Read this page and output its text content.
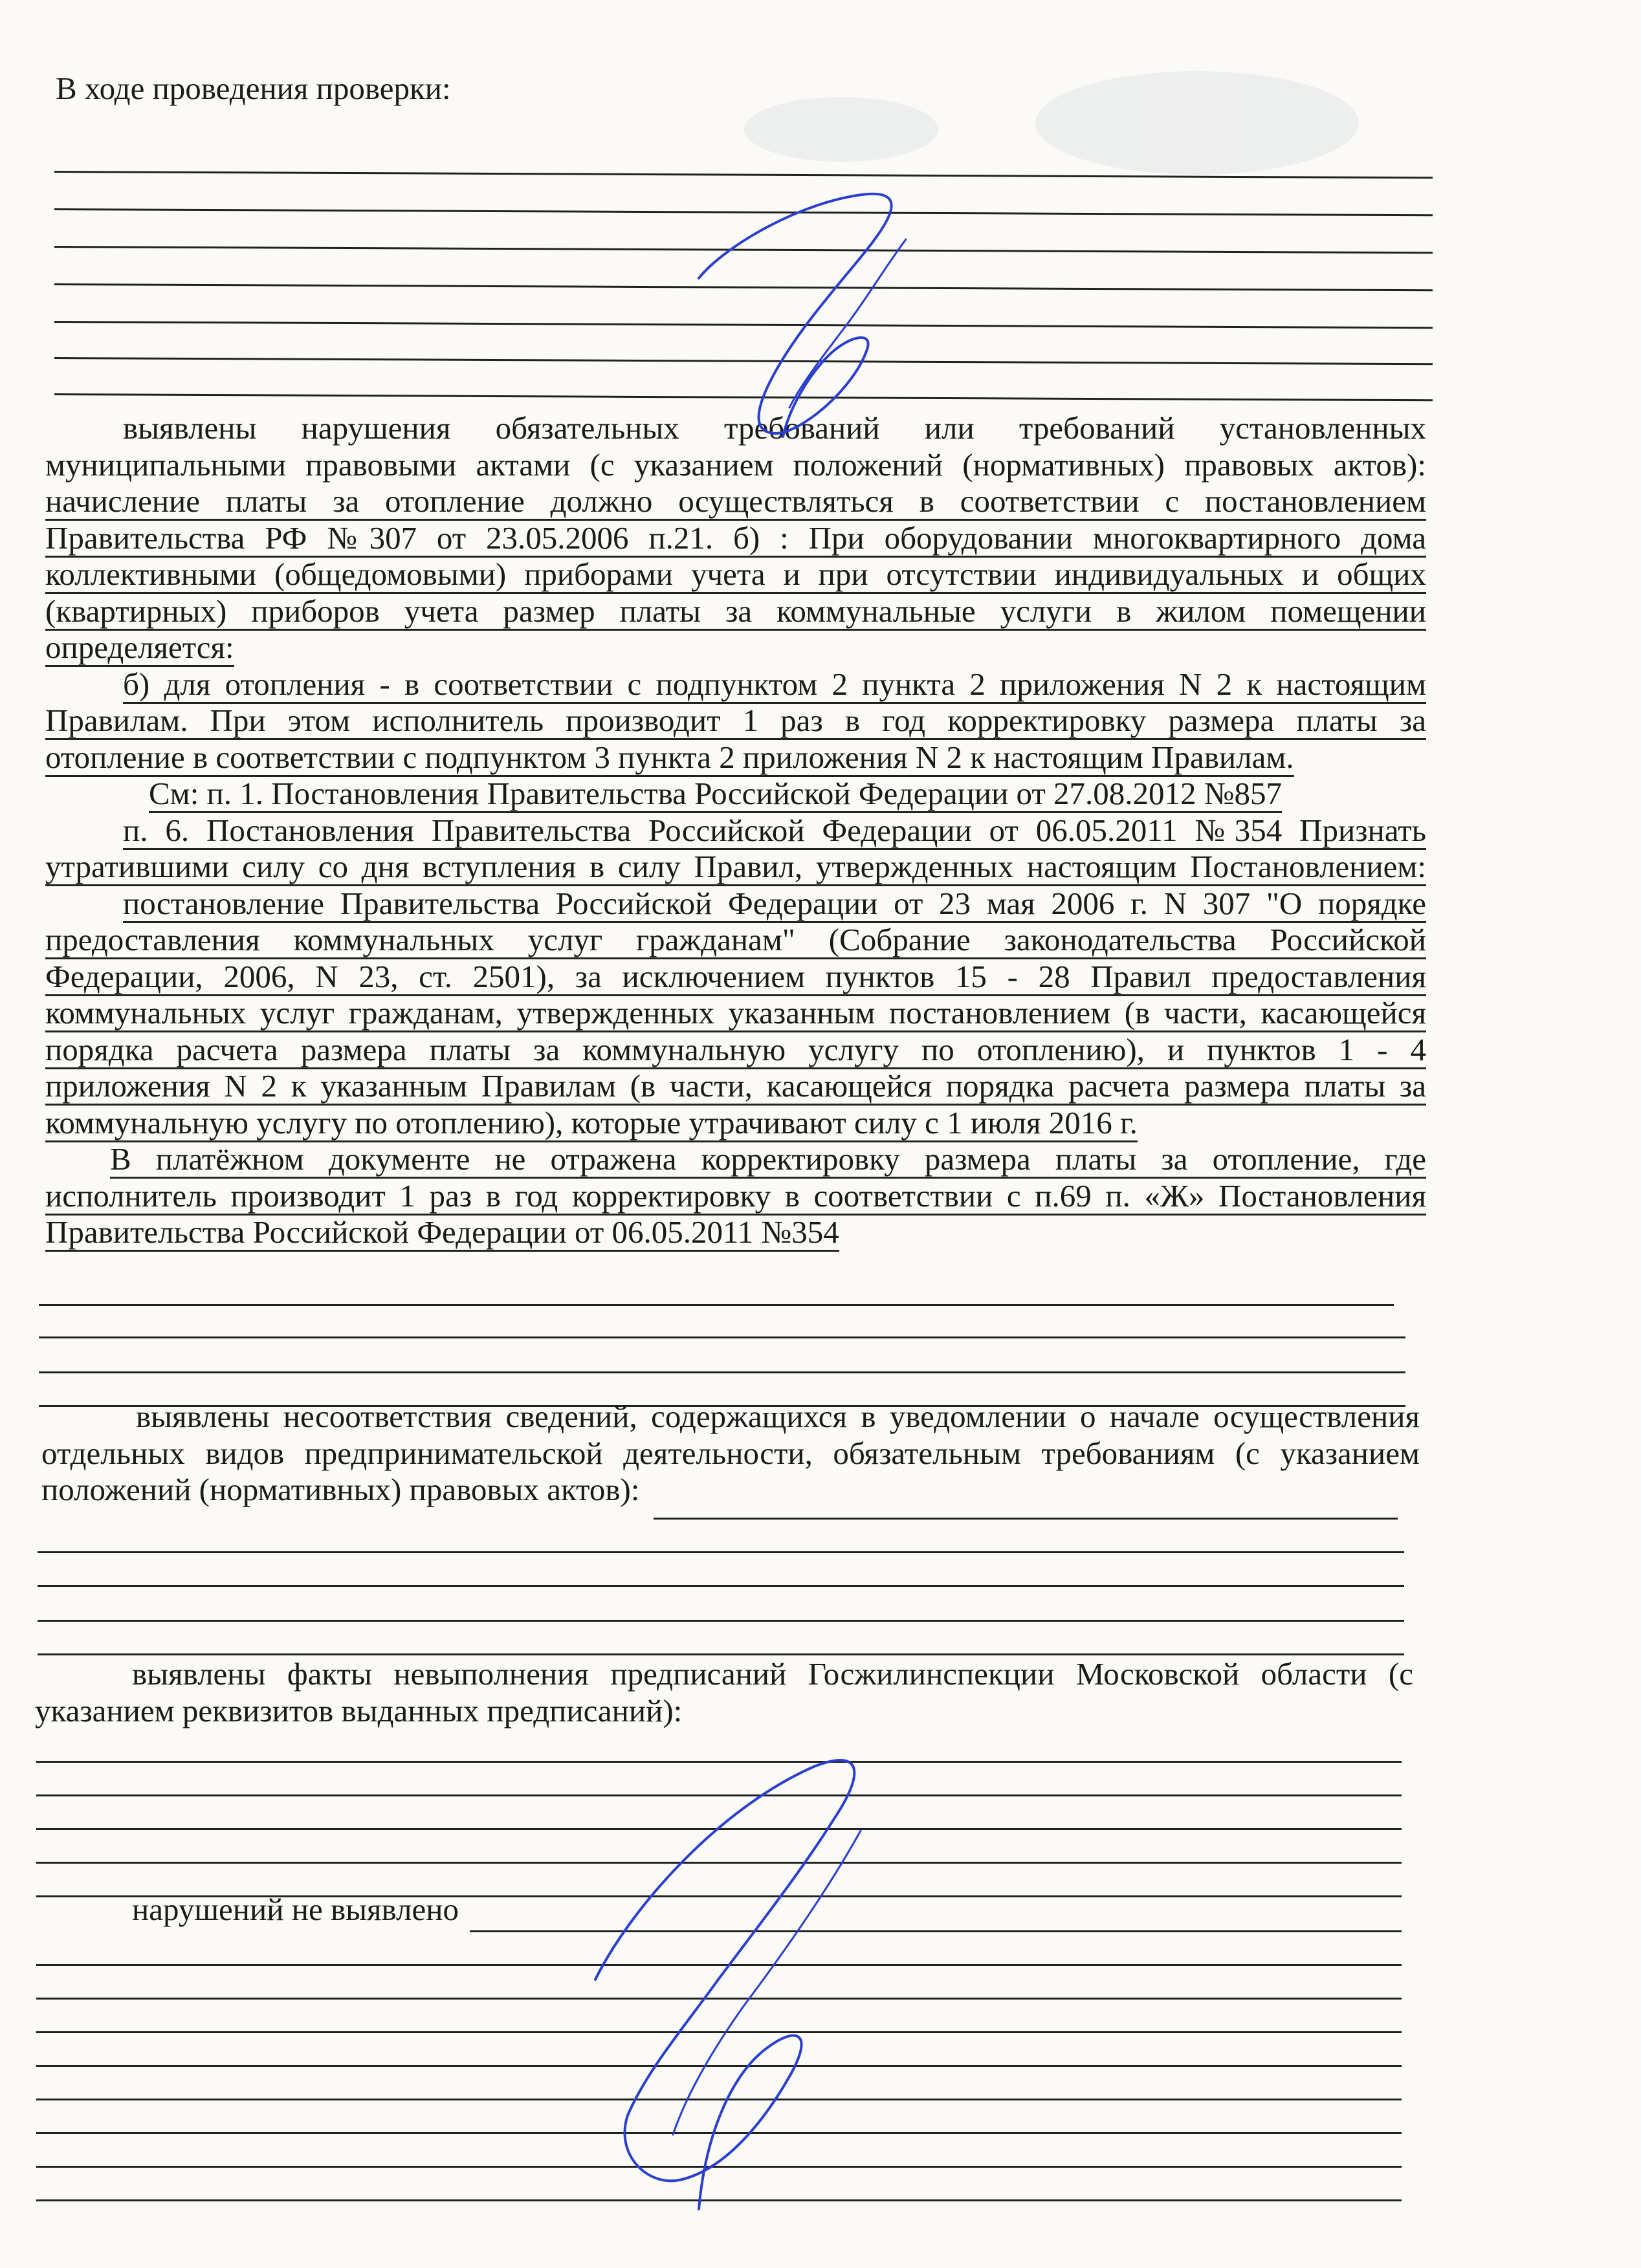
В ходе проведения проверки:
выявлены нарушения обязательных требований или требований установленных
муниципальными правовыми актами (с указанием положений (нормативных) правовых актов):
начисление платы за отопление должно осуществляться в соответствии с постановлением
Правительства РФ №307 от 23.05.2006 п.21. б) : При оборудовании многоквартирного дома
коллективными (общедомовыми) приборами учета и при отсутствии индивидуальных и общих
(квартирных) приборов учета размер платы за коммунальные услуги в жилом помещении
определяется:
б) для отопления - в соответствии с подпунктом 2 пункта 2 приложения N 2 к настоящим
Правилам. При этом исполнитель производит 1 раз в год корректировку размера платы за
отопление в соответствии с подпунктом 3 пункта 2 приложения N 2 к настоящим Правилам.
См: п. 1. Постановления Правительства Российской Федерации от 27.08.2012 №857
п. 6. Постановления Правительства Российской Федерации от 06.05.2011 №354 Признать
утратившими силу со дня вступления в силу Правил, утвержденных настоящим Постановлением:
постановление Правительства Российской Федерации от 23 мая 2006 г. N 307 "О порядке
предоставления коммунальных услуг гражданам" (Собрание законодательства Российской
Федерации, 2006, N 23, ст. 2501), за исключением пунктов 15 - 28 Правил предоставления
коммунальных услуг гражданам, утвержденных указанным постановлением (в части, касающейся
порядка расчета размера платы за коммунальную услугу по отоплению), и пунктов 1 - 4
приложения N 2 к указанным Правилам (в части, касающейся порядка расчета размера платы за
коммунальную услугу по отоплению), которые утрачивают силу с 1 июля 2016 г.
В платёжном документе не отражена корректировку размера платы за отопление, где
исполнитель производит 1 раз в год корректировку в соответствии с п.69 п. «Ж» Постановления
Правительства Российской Федерации от 06.05.2011 №354
выявлены несоответствия сведений, содержащихся в уведомлении о начале осуществления
отдельных видов предпринимательской деятельности, обязательным требованиям (с указанием
положений (нормативных) правовых актов):
выявлены факты невыполнения предписаний Госжилинспекции Московской области (с
указанием реквизитов выданных предписаний):
нарушений не выявлено
